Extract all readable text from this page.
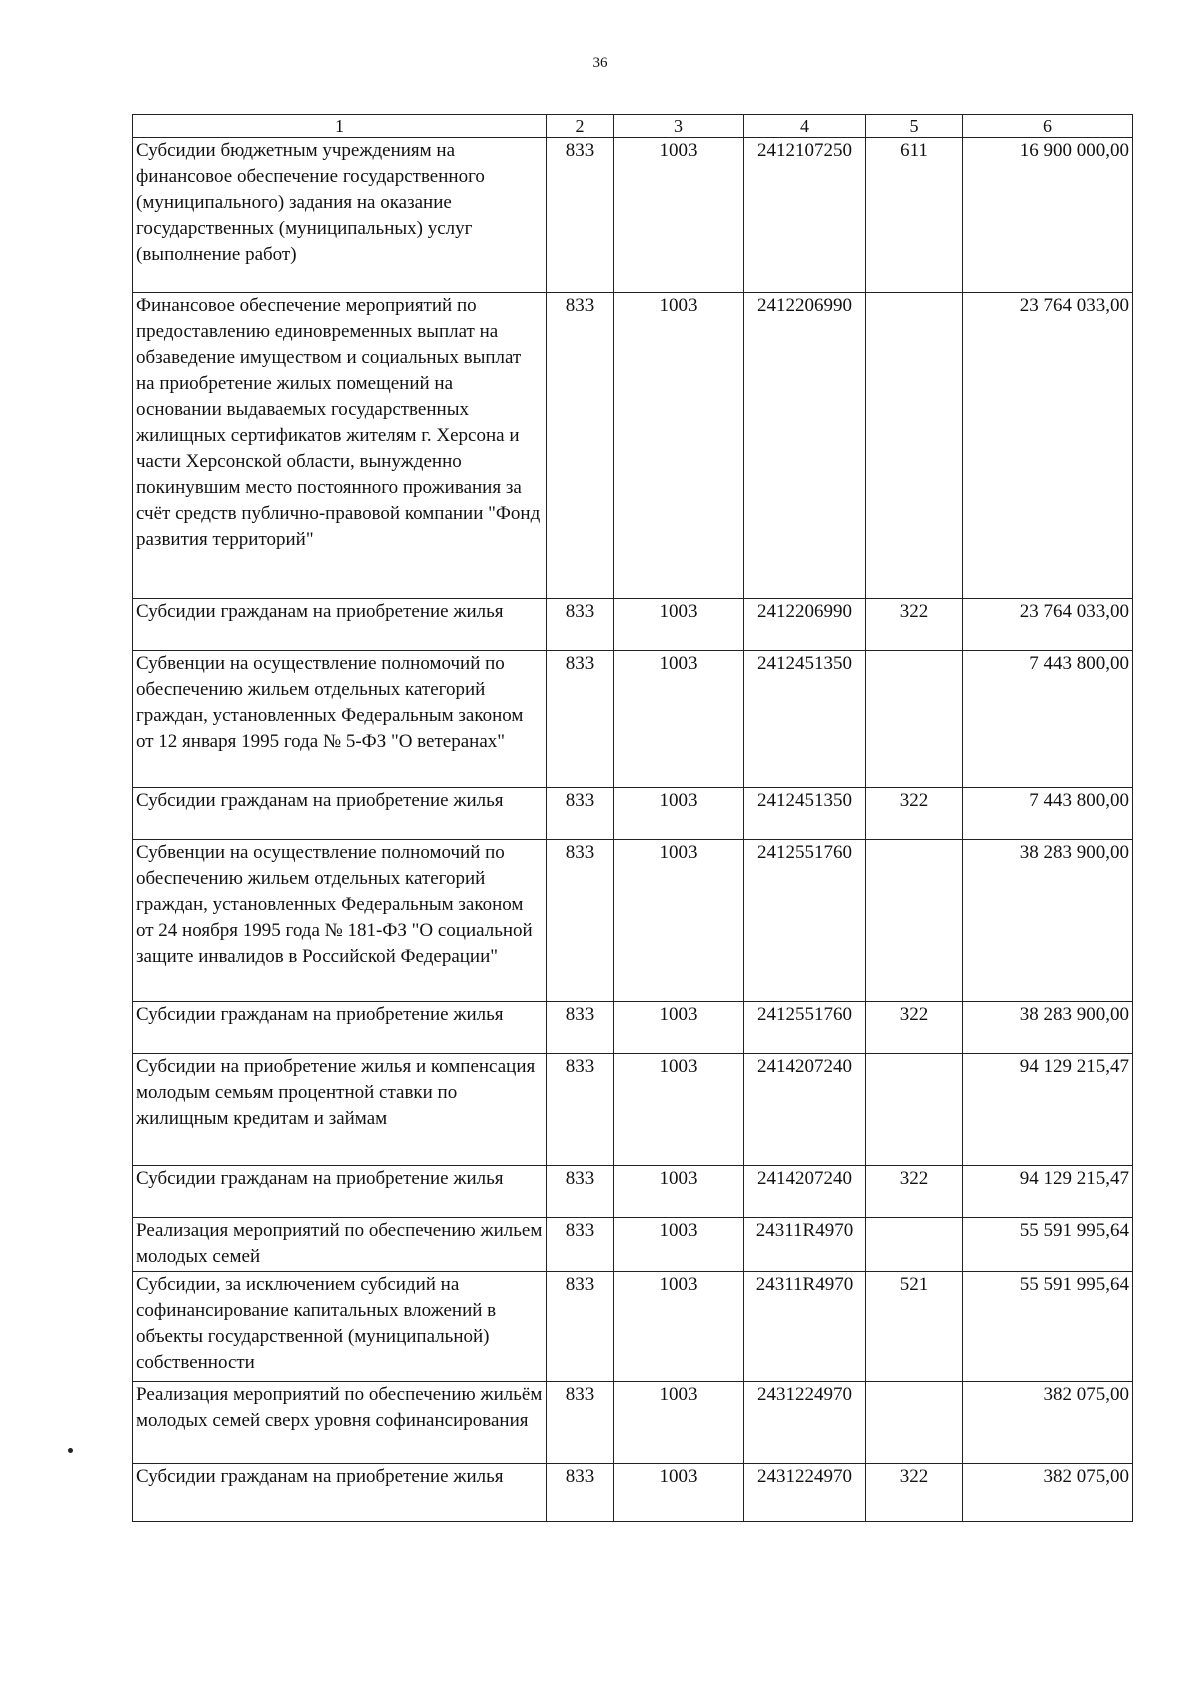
36
1	2	3	4	5	6
Субсидии бюджетным учреждениям на финансовое обеспечение государственного (муниципального) задания на оказание государственных (муниципальных) услуг (выполнение работ)	833	1003	2412107250	611	16 900 000,00
Финансовое обеспечение мероприятий по предоставлению единовременных выплат на обзаведение имуществом и социальных выплат на приобретение жилых помещений на основании выдаваемых государственных жилищных сертификатов жителям г. Херсона и части Херсонской области, вынужденно покинувшим место постоянного проживания за счёт средств публично-правовой компании "Фонд развития территорий"	833	1003	2412206990		23 764 033,00
Субсидии гражданам на приобретение жилья	833	1003	2412206990	322	23 764 033,00
Субвенции на осуществление полномочий по обеспечению жильем отдельных категорий граждан, установленных Федеральным законом от 12 января 1995 года № 5-ФЗ "О ветеранах"	833	1003	2412451350		7 443 800,00
Субсидии гражданам на приобретение жилья	833	1003	2412451350	322	7 443 800,00
Субвенции на осуществление полномочий по обеспечению жильем отдельных категорий граждан, установленных Федеральным законом от 24 ноября 1995 года № 181-ФЗ "О социальной защите инвалидов в Российской Федерации"	833	1003	2412551760		38 283 900,00
Субсидии гражданам на приобретение жилья	833	1003	2412551760	322	38 283 900,00
Субсидии на приобретение жилья и компенсация молодым семьям процентной ставки по жилищным кредитам и займам	833	1003	2414207240		94 129 215,47
Субсидии гражданам на приобретение жилья	833	1003	2414207240	322	94 129 215,47
Реализация мероприятий по обеспечению жильем молодых семей	833	1003	24311R4970		55 591 995,64
Субсидии, за исключением субсидий на софинансирование капитальных вложений в объекты государственной (муниципальной) собственности	833	1003	24311R4970	521	55 591 995,64
Реализация мероприятий по обеспечению жильём молодых семей сверх уровня софинансирования	833	1003	2431224970		382 075,00
Субсидии гражданам на приобретение жилья	833	1003	2431224970	322	382 075,00
